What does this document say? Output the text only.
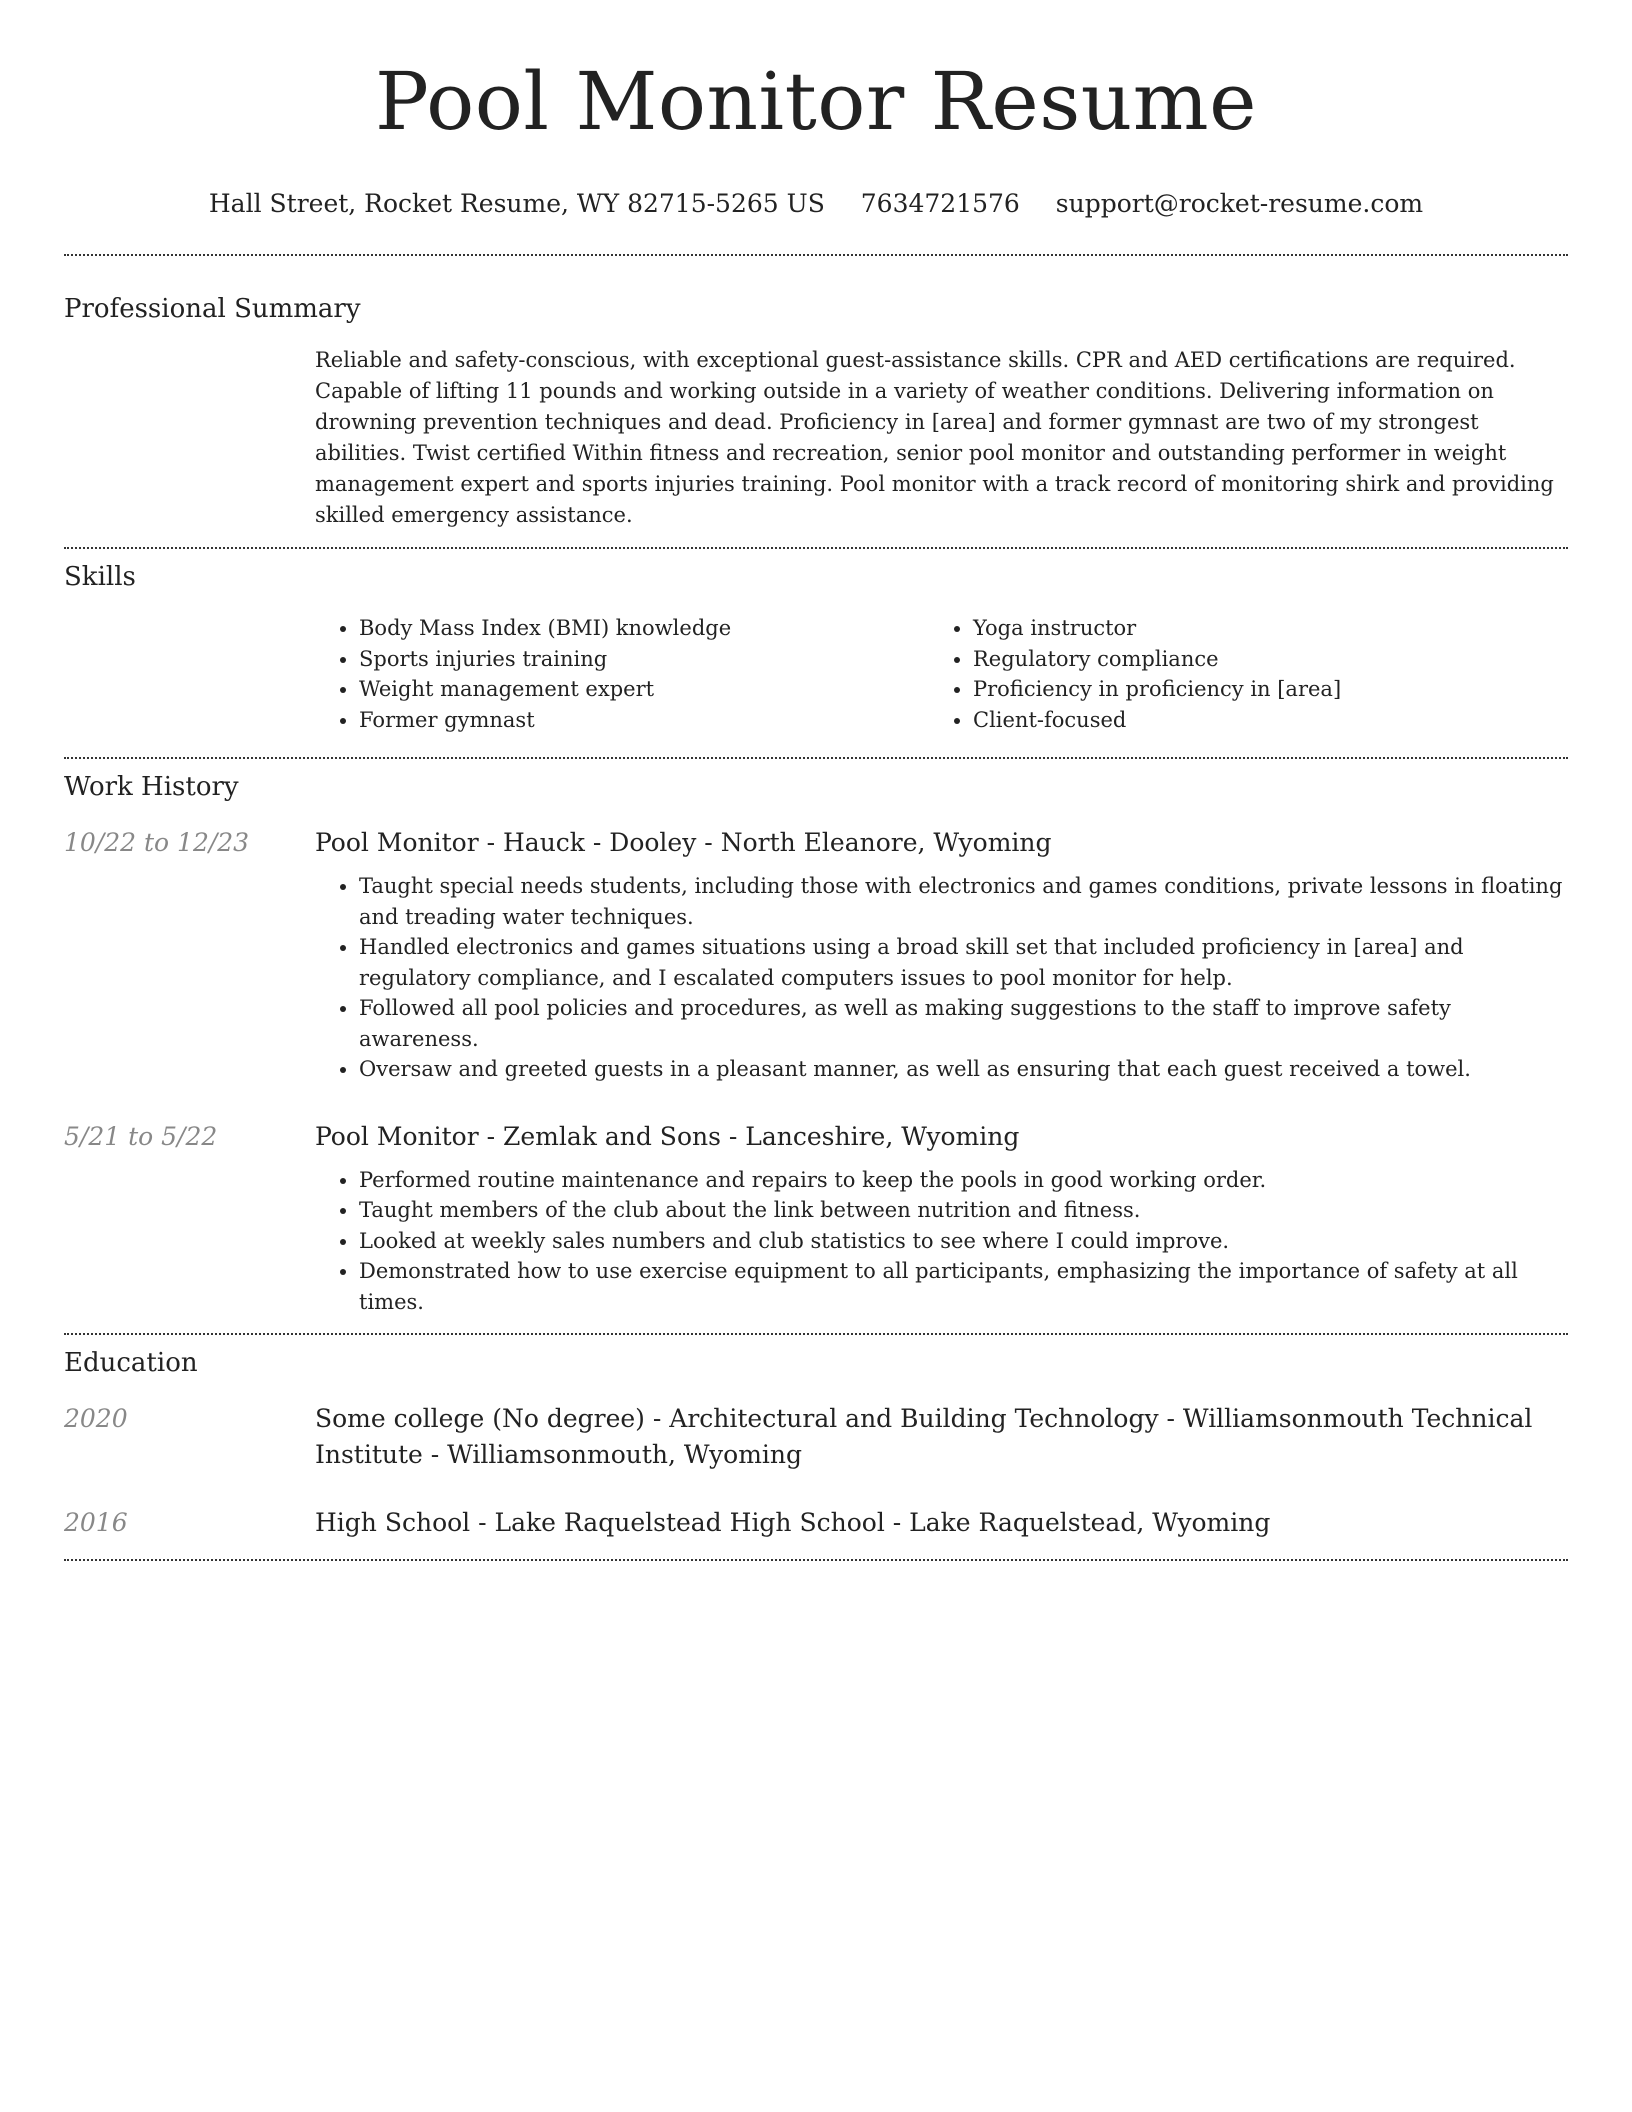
Pool Monitor Resume
Hall Street, Rocket Resume, WY 82715-5265 US 7634721576 support@rocket-resume.com
Professional Summary

Reliable and safety-conscious, with exceptional guest-assistance skills. CPR and AED certifications are required. Capable of lifting 11 pounds and working outside in a variety of weather conditions. Delivering information on drowning prevention techniques and dead. Proficiency in [area] and former gymnast are two of my strongest abilities. Twist certified Within fitness and recreation, senior pool monitor and outstanding performer in weight management expert and sports injuries training. Pool monitor with a track record of monitoring shirk and providing skilled emergency assistance.

Skills
• Body Mass Index (BMI) knowledge
• Sports injuries training
• Weight management expert
• Former gymnast
• Yoga instructor
• Regulatory compliance
• Proficiency in proficiency in [area]
• Client-focused
Work History
10/22 to 12/23	Pool Monitor - Hauck - Dooley - North Eleanore, Wyoming
• Taught special needs students, including those with electronics and games conditions, private lessons in floating and treading water techniques.
• Handled electronics and games situations using a broad skill set that included proficiency in [area] and regulatory compliance, and I escalated computers issues to pool monitor for help.
• Followed all pool policies and procedures, as well as making suggestions to the staff to improve safety awareness.
• Oversaw and greeted guests in a pleasant manner, as well as ensuring that each guest received a towel.
5/21 to 5/22	Pool Monitor - Zemlak and Sons - Lanceshire, Wyoming
• Performed routine maintenance and repairs to keep the pools in good working order.
• Taught members of the club about the link between nutrition and fitness.
• Looked at weekly sales numbers and club statistics to see where I could improve.
• Demonstrated how to use exercise equipment to all participants, emphasizing the importance of safety at all times.
Education
2020	Some college (No degree) - Architectural and Building Technology - Williamsonmouth Technical Institute - Williamsonmouth, Wyoming
2016	High School - Lake Raquelstead High School - Lake Raquelstead, Wyoming
